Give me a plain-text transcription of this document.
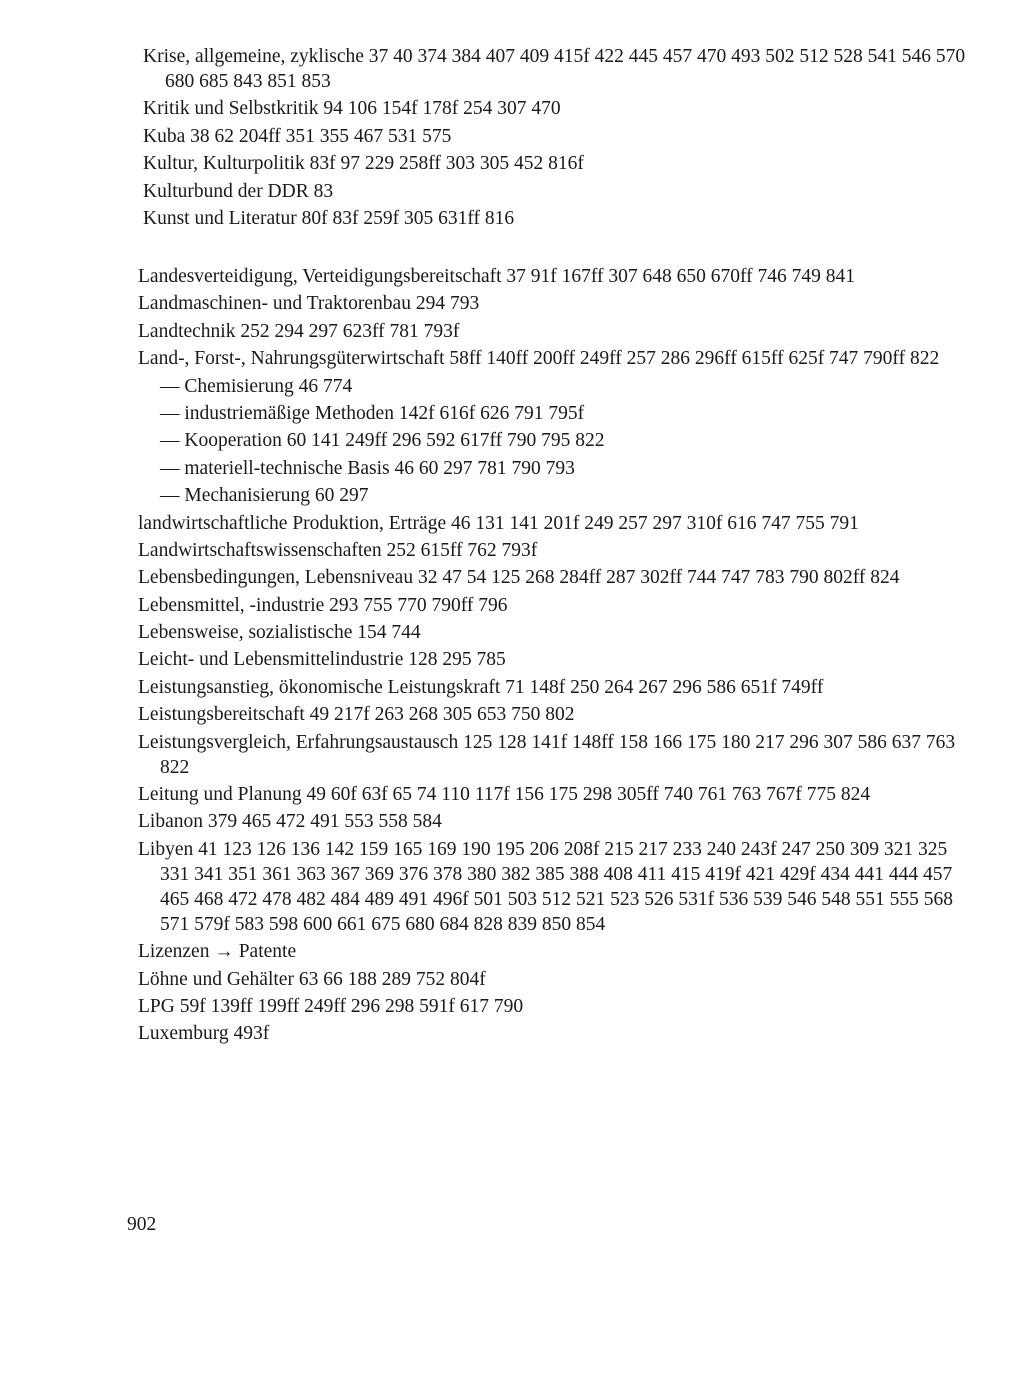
Krise, allgemeine, zyklische 37 40 374 384 407 409 415f 422 445 457 470 493 502 512 528 541 546 570 680 685 843 851 853

Kritik und Selbstkritik 94 106 154f 178f 254 307 470

Kuba 38 62 204ff 351 355 467 531 575

Kultur, Kulturpolitik 83f 97 229 258ff 303 305 452 816f

Kulturbund der DDR 83

Kunst und Literatur 80f 83f 259f 305 631ff 816

Landesverteidigung, Verteidigungsbereitschaft 37 91f 167ff 307 648 650 670ff 746 749 841

Landmaschinen- und Traktorenbau 294 793

Landtechnik 252 294 297 623ff 781 793f

Land-, Forst-, Nahrungsgüterwirtschaft 58ff 140ff 200ff 249ff 257 286 296ff 615ff 625f 747 790ff 822

— Chemisierung 46 774

— industriemäßige Methoden 142f 616f 626 791 795f

— Kooperation 60 141 249ff 296 592 617ff 790 795 822

— materiell-technische Basis 46 60 297 781 790 793

— Mechanisierung 60 297

landwirtschaftliche Produktion, Erträge 46 131 141 201f 249 257 297 310f 616 747 755 791

Landwirtschaftswissenschaften 252 615ff 762 793f

Lebensbedingungen, Lebensniveau 32 47 54 125 268 284ff 287 302ff 744 747 783 790 802ff 824

Lebensmittel, -industrie 293 755 770 790ff 796

Lebensweise, sozialistische 154 744

Leicht- und Lebensmittelindustrie 128 295 785

Leistungsanstieg, ökonomische Leistungskraft 71 148f 250 264 267 296 586 651f 749ff

Leistungsbereitschaft 49 217f 263 268 305 653 750 802

Leistungsvergleich, Erfahrungsaustausch 125 128 141f 148ff 158 166 175 180 217 296 307 586 637 763 822

Leitung und Planung 49 60f 63f 65 74 110 117f 156 175 298 305ff 740 761 763 767f 775 824

Libanon 379 465 472 491 553 558 584

Libyen 41 123 126 136 142 159 165 169 190 195 206 208f 215 217 233 240 243f 247 250 309 321 325 331 341 351 361 363 367 369 376 378 380 382 385 388 408 411 415 419f 421 429f 434 441 444 457 465 468 472 478 482 484 489 491 496f 501 503 512 521 523 526 531f 536 539 546 548 551 555 568 571 579f 583 598 600 661 675 680 684 828 839 850 854

Lizenzen → Patente

Löhne und Gehälter 63 66 188 289 752 804f

LPG 59f 139ff 199ff 249ff 296 298 591f 617 790

Luxemburg 493f

902
